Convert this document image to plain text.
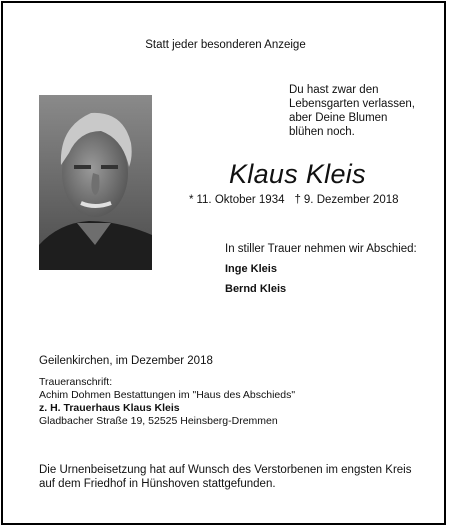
Statt jeder besonderen Anzeige
Du hast zwar den
Lebensgarten verlassen,
aber Deine Blumen
blühen noch.
Klaus Kleis
* 11. Oktober 1934 † 9. Dezember 2018
In stiller Trauer nehmen wir Abschied:
Inge Kleis
Bernd Kleis
Geilenkirchen, im Dezember 2018
Traueranschrift:
Achim Dohmen Bestattungen im "Haus des Abschieds"
z. H. Trauerhaus Klaus Kleis
Gladbacher Straße 19, 52525 Heinsberg-Dremmen
Die Urnenbeisetzung hat auf Wunsch des Verstorbenen im engsten Kreis
auf dem Friedhof in Hünshoven stattgefunden.
